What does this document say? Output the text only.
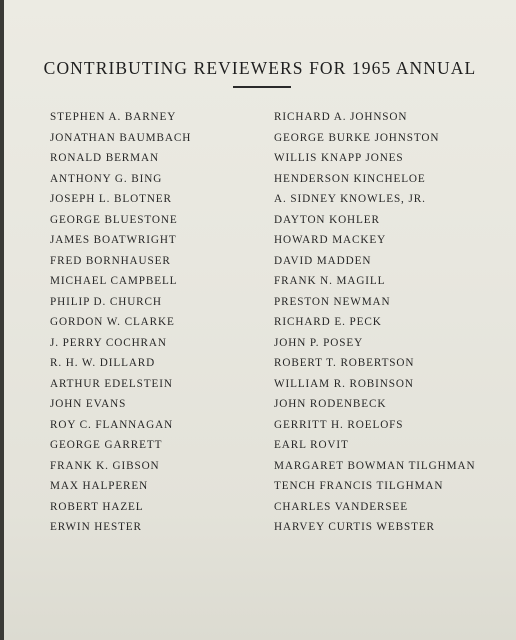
CONTRIBUTING REVIEWERS FOR 1965 ANNUAL
STEPHEN A. BARNEY
JONATHAN BAUMBACH
RONALD BERMAN
ANTHONY G. BING
JOSEPH L. BLOTNER
GEORGE BLUESTONE
JAMES BOATWRIGHT
FRED BORNHAUSER
MICHAEL CAMPBELL
PHILIP D. CHURCH
GORDON W. CLARKE
J. PERRY COCHRAN
R. H. W. DILLARD
ARTHUR EDELSTEIN
JOHN EVANS
ROY C. FLANNAGAN
GEORGE GARRETT
FRANK K. GIBSON
MAX HALPEREN
ROBERT HAZEL
ERWIN HESTER
RICHARD A. JOHNSON
GEORGE BURKE JOHNSTON
WILLIS KNAPP JONES
HENDERSON KINCHELOE
A. SIDNEY KNOWLES, JR.
DAYTON KOHLER
HOWARD MACKEY
DAVID MADDEN
FRANK N. MAGILL
PRESTON NEWMAN
RICHARD E. PECK
JOHN P. POSEY
ROBERT T. ROBERTSON
WILLIAM R. ROBINSON
JOHN RODENBECK
GERRITT H. ROELOFS
EARL ROVIT
MARGARET BOWMAN TILGHMAN
TENCH FRANCIS TILGHMAN
CHARLES VANDERSEE
HARVEY CURTIS WEBSTER
